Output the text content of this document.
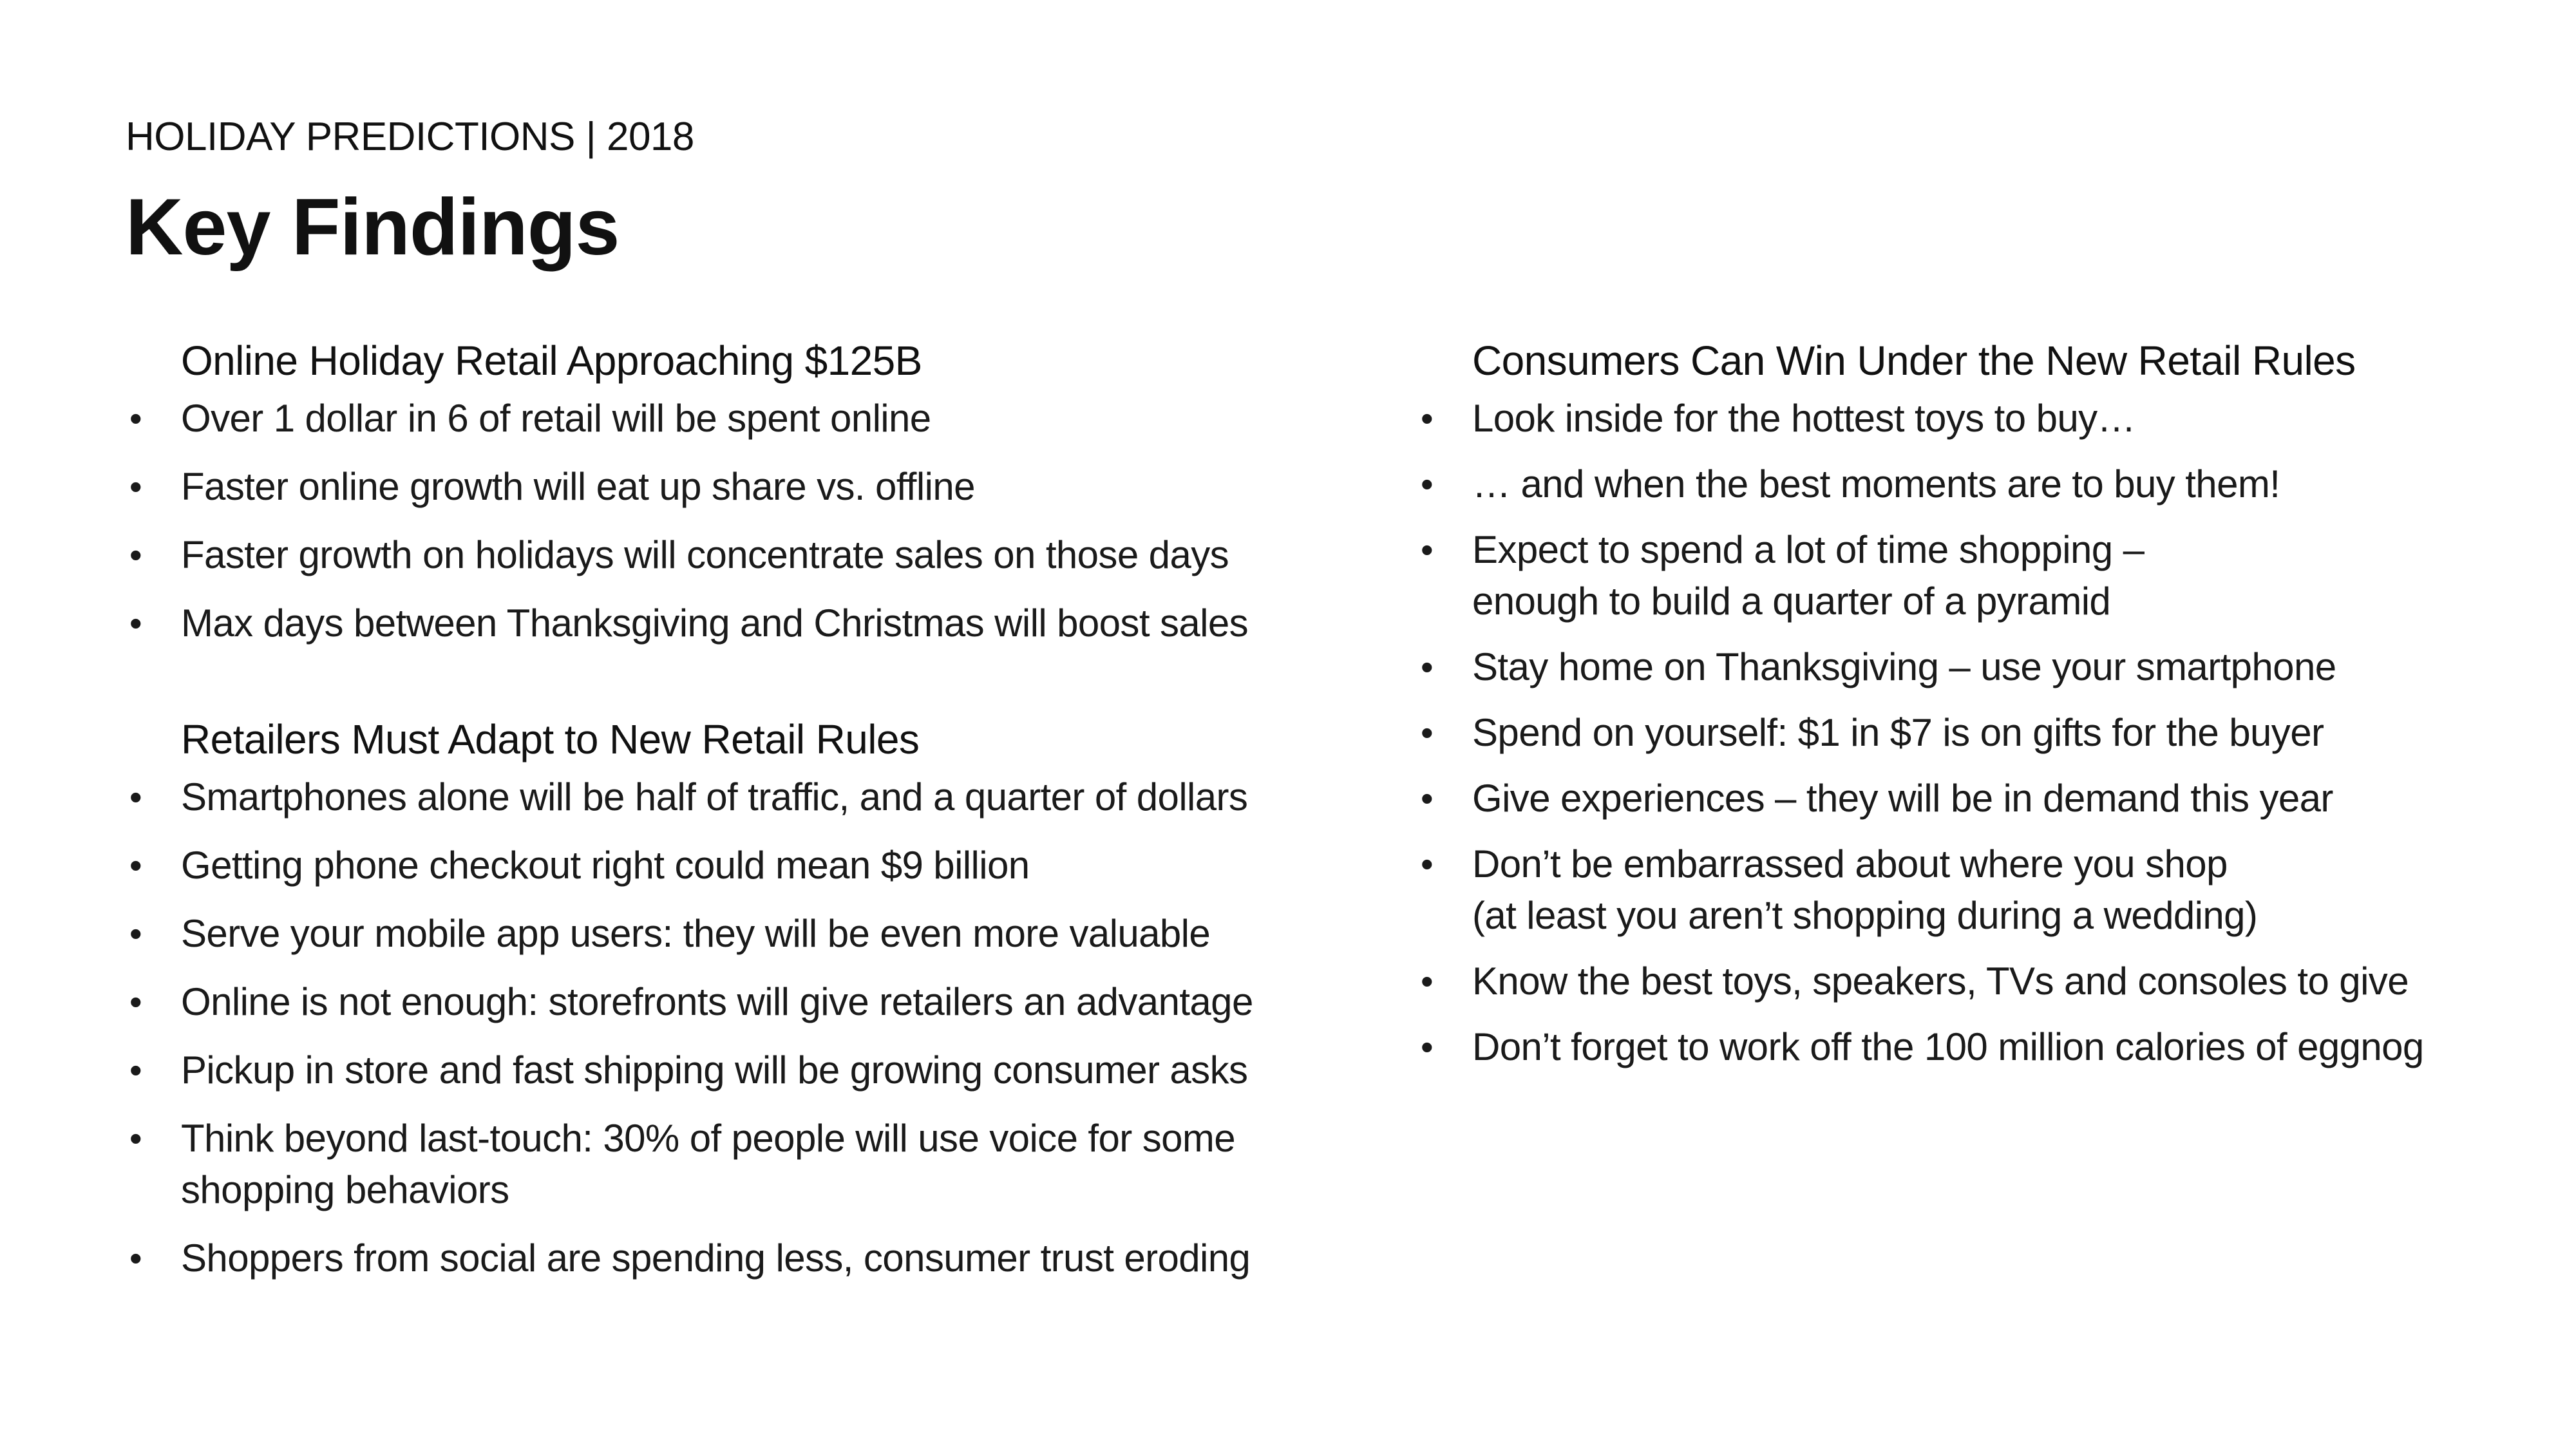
HOLIDAY PREDICTIONS | 2018
Key Findings
Online Holiday Retail Approaching $125B
• Over 1 dollar in 6 of retail will be spent online
• Faster online growth will eat up share vs. offline
• Faster growth on holidays will concentrate sales on those days
• Max days between Thanksgiving and Christmas will boost sales
Retailers Must Adapt to New Retail Rules
• Smartphones alone will be half of traffic, and a quarter of dollars
• Getting phone checkout right could mean $9 billion
• Serve your mobile app users: they will be even more valuable
• Online is not enough: storefronts will give retailers an advantage
• Pickup in store and fast shipping will be growing consumer asks
• Think beyond last-touch: 30% of people will use voice for some
shopping behaviors
• Shoppers from social are spending less, consumer trust eroding
Consumers Can Win Under the New Retail Rules
• Look inside for the hottest toys to buy…
• … and when the best moments are to buy them!
• Expect to spend a lot of time shopping –
enough to build a quarter of a pyramid
• Stay home on Thanksgiving – use your smartphone
• Spend on yourself: $1 in $7 is on gifts for the buyer
• Give experiences – they will be in demand this year
• Don’t be embarrassed about where you shop
(at least you aren’t shopping during a wedding)
• Know the best toys, speakers, TVs and consoles to give
• Don’t forget to work off the 100 million calories of eggnog
